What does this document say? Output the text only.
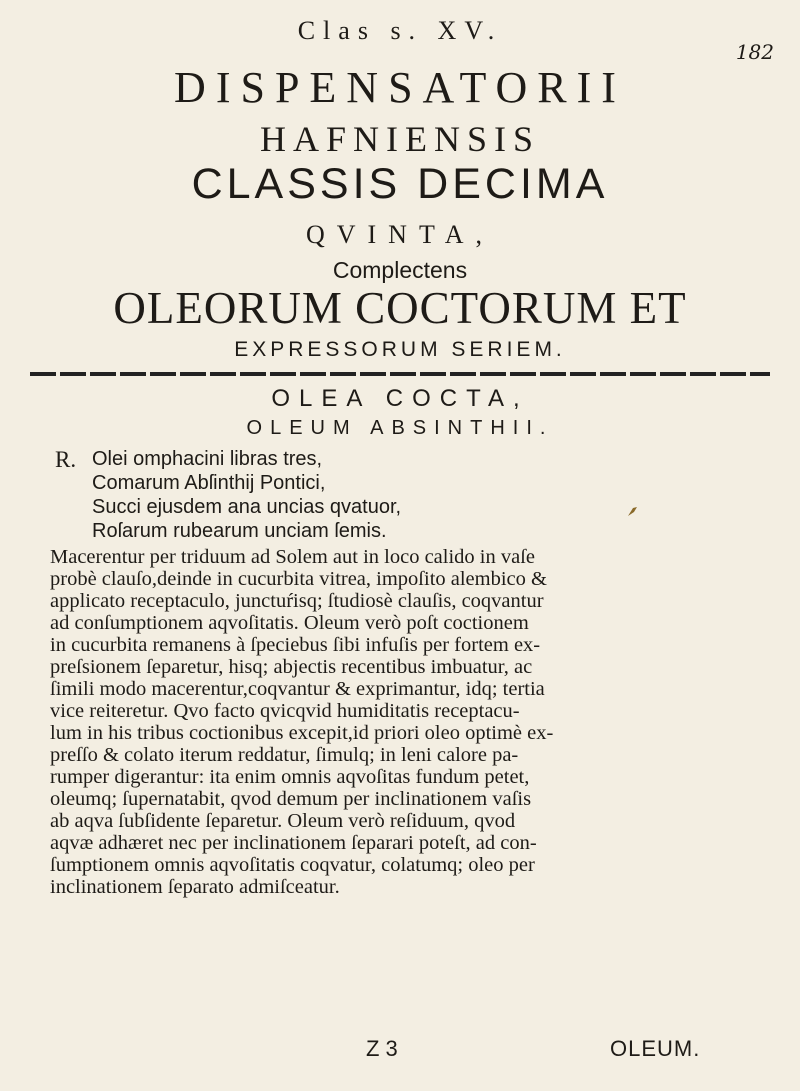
Clas s. XV.
182
DISPENSATORII
HAFNIENSIS
CLASSIS DECIMA
QVINTA,
Complectens
OLEORUM COCTORUM ET
EXPRESSORUM SERIEM.
OLEA COCTA,
OLEUM ABSINTHII.
R. Olei omphacini libras tres,
Comarum Abſinthij Pontici,
Succi ejusdem ana uncias qvatuor,
Roſarum rubearum unciam ſemis.
Macerentur per triduum ad Solem aut in loco calido in vaſe
probè clauſo,deinde in cucurbita vitrea, impoſito alembico &
applicato receptaculo, junctuŕisq; ſtudiosè clauſis, coqvantur
ad conſumptionem aqvoſitatis. Oleum verò poſt coctionem
in cucurbita remanens à ſpeciebus ſibi infuſis per fortem ex-
preſsionem ſeparetur, hisq; abjectis recentibus imbuatur, ac
ſimili modo macerentur,coqvantur & exprimantur, idq; tertia
vice reiteretur. Qvo facto qvicqvid humiditatis receptacu-
lum in his tribus coctionibus excepit,id priori oleo optimè ex-
preſſo & colato iterum reddatur, ſimulq; in leni calore pa-
rumper digerantur: ita enim omnis aqvoſitas fundum petet,
oleumq; ſupernatabit, qvod demum per inclinationem vaſis
ab aqva ſubſidente ſeparetur. Oleum verò reſiduum, qvod
aqvæ adhæret nec per inclinationem ſeparari poteſt, ad con-
ſumptionem omnis aqvoſitatis coqvatur, colatumq; oleo per
inclinationem ſeparato admiſceatur.
Z 3	OLEUM.
